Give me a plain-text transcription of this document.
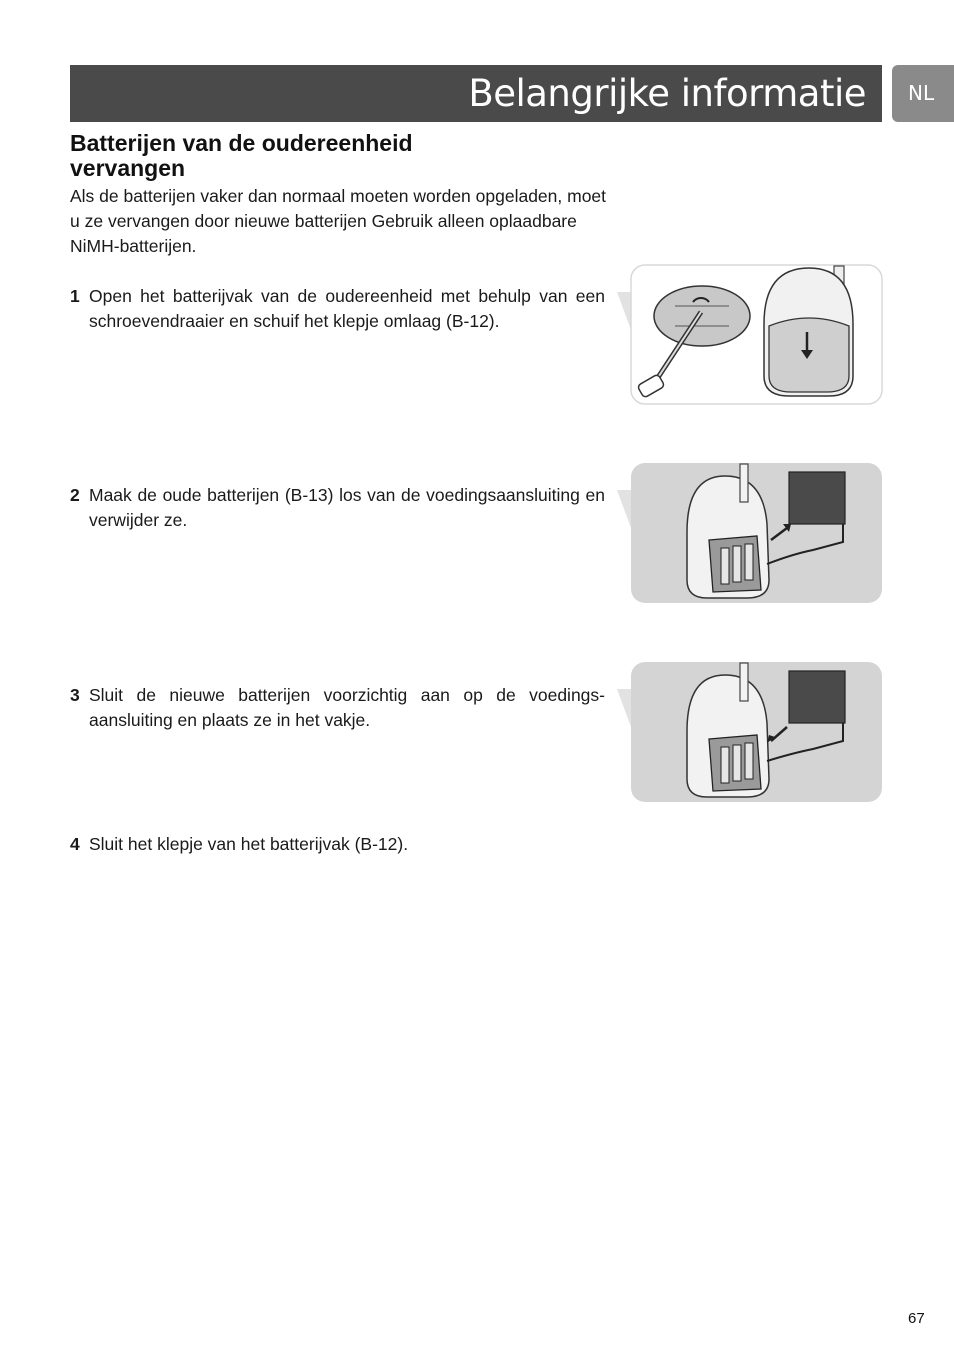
Belangrijke informatie NL
Batterijen van de oudereenheid vervangen
Als de batterijen vaker dan normaal moeten worden opgeladen, moet u ze vervangen door nieuwe batterijen Gebruik alleen oplaadbare NiMH-batterijen.
1 Open het batterijvak van de oudereenheid met behulp van een schroevendraaier en schuif het klepje omlaag (B-12).
2 Maak de oude batterijen (B-13) los van de voedingsaansluiting en verwijder ze.
3 Sluit de nieuwe batterijen voorzichtig aan op de voedings-aansluiting en plaats ze in het vakje.
4 Sluit het klepje van het batterijvak (B-12).
67
